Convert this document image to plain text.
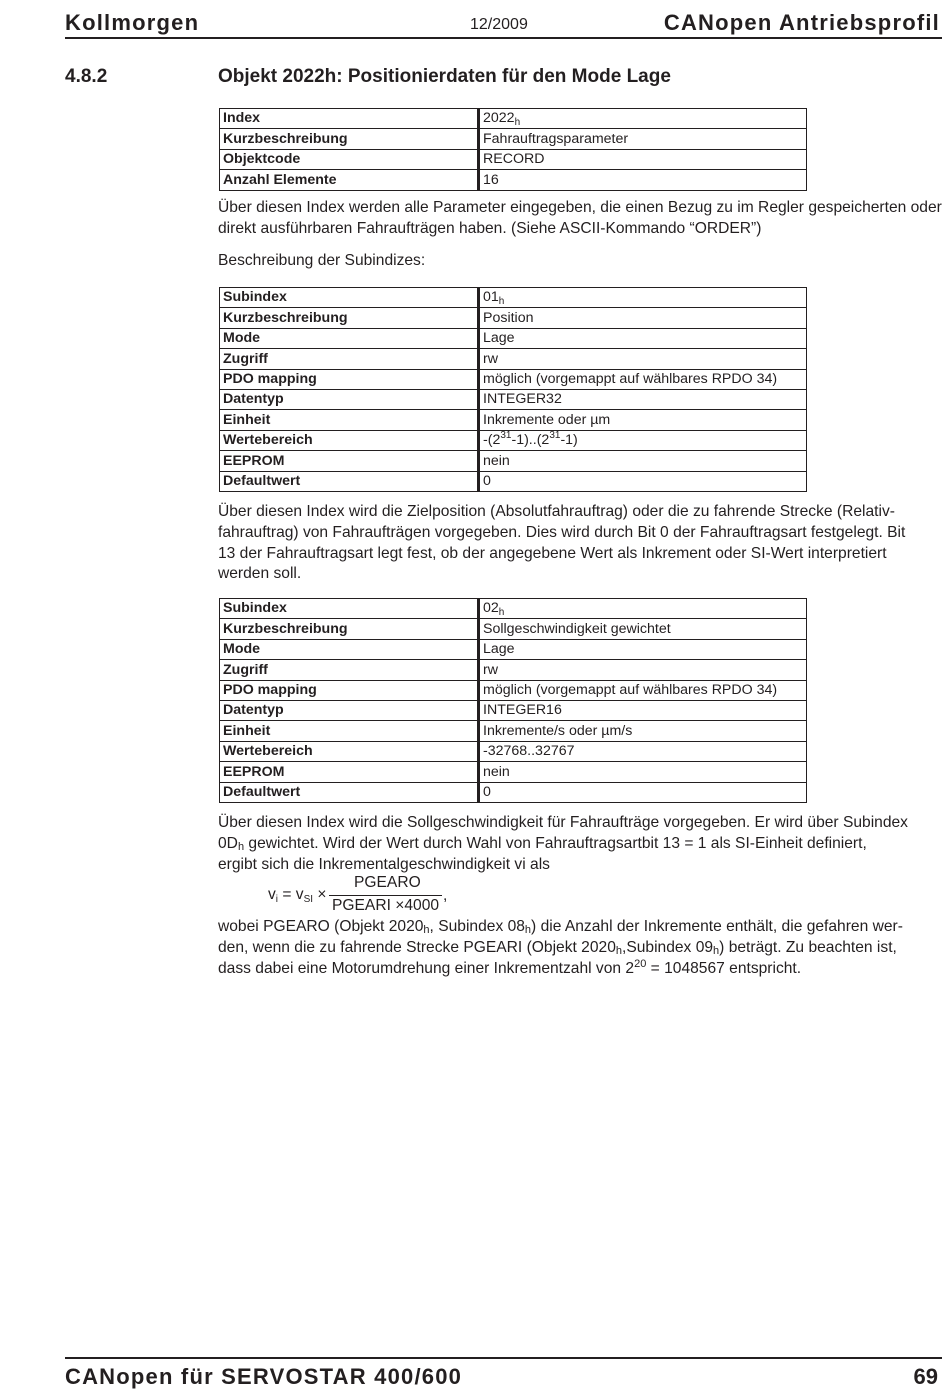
Kollmorgen	12/2009	CANopen Antriebsprofil
4.8.2	Objekt 2022h: Positionierdaten für den Mode Lage
Index	$2022_h$
Kurzbeschreibung	Fahrauftragsparameter
Objektcode	RECORD
Anzahl Elemente	16

Über diesen Index werden alle Parameter eingegeben, die einen Bezug zu im Regler gespeicherten oder direkt ausführbaren Fahraufträgen haben. (Siehe ASCII-Kommando “ORDER”)

Beschreibung der Subindizes:

Subindex	$01_h$
Kurzbeschreibung	Position
Mode	Lage
Zugriff	rw
PDO mapping	möglich (vorgemappt auf wählbares RPDO 34)
Datentyp	INTEGER32
Einheit	Inkremente oder µm
Wertebereich	$-(2^{31}-1)..(2^{31}-1)$
EEPROM	nein
Defaultwert	0

Über diesen Index wird die Zielposition (Absolutfahrauftrag) oder die zu fahrende Strecke (Relativ-
fahrauftrag) von Fahraufträgen vorgegeben. Dies wird durch Bit 0 der Fahrauftragsart festgelegt. Bit
13 der Fahrauftragsart legt fest, ob der angegebene Wert als Inkrement oder SI-Wert interpretiert
werden soll.

Subindex	$02_h$
Kurzbeschreibung	Sollgeschwindigkeit gewichtet
Mode	Lage
Zugriff	rw
PDO mapping	möglich (vorgemappt auf wählbares RPDO 34)
Datentyp	INTEGER16
Einheit	Inkremente/s oder µm/s
Wertebereich	-32768..32767
EEPROM	nein
Defaultwert	0

Über diesen Index wird die Sollgeschwindigkeit für Fahraufträge vorgegeben. Er wird über Subindex
$0D_h$ gewichtet. Wird der Wert durch Wahl von Fahrauftragsartbit 13 = 1 als SI-Einheit definiert,
ergibt sich die Inkrementalgeschwindigkeit vi als

$v_i = v_{SI}$ ×
PGEARO
PGEARI ×4000
,

wobei PGEARO (Objekt $2020_h$, Subindex $08_h$) die Anzahl der Inkremente enthält, die gefahren wer-
den, wenn die zu fahrende Strecke PGEARI (Objekt $2020_h,Subindex$ $09_h$) beträgt. Zu beachten ist,
dass dabei eine Motorumdrehung einer Inkrementzahl von $2^{20} = 1048567$ entspricht.

CANopen für SERVOSTAR 400/600	69
